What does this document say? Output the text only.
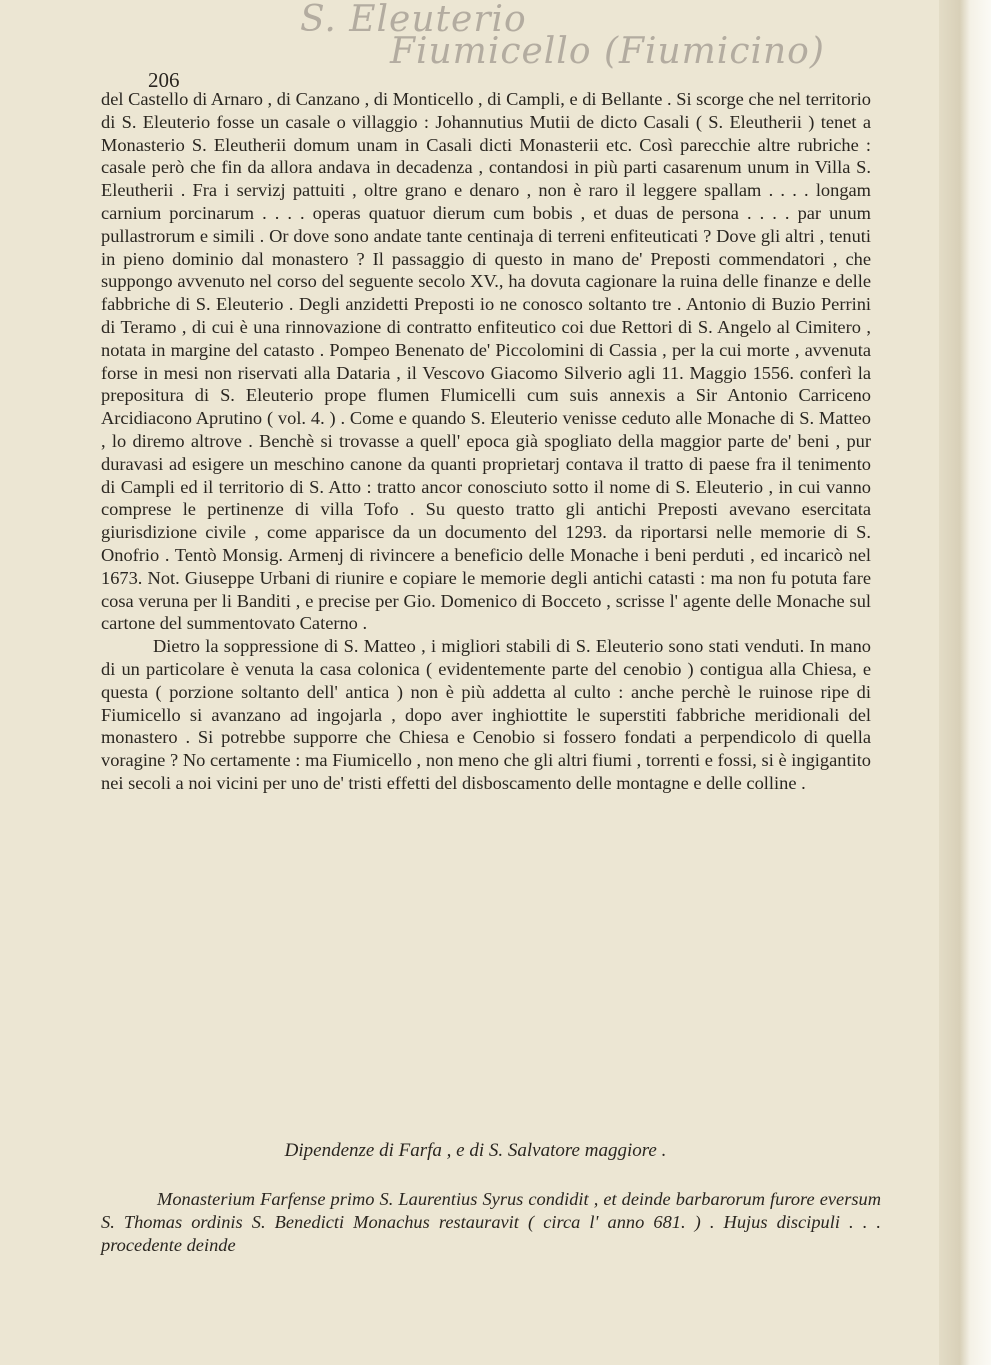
S. Eleuterio
Fiumicello (Fiumicino)
206

del Castello di Arnaro , di Canzano , di Monticello , di Campli, e di Bellante . Si scorge che nel territorio di S. Eleuterio fosse un casale o villaggio : Johannutius Mutii de dicto Casali ( S. Eleutherii ) tenet a Monasterio S. Eleutherii domum unam in Casali dicti Monasterii etc. Così parecchie altre rubriche : casale però che fin da allora andava in decadenza , contandosi in più parti casarenum unum in Villa S. Eleutherii . Fra i servizj pattuiti , oltre grano e denaro , non è raro il leggere spallam . . . . longam carnium porcinarum . . . . operas quatuor dierum cum bobis , et duas de persona . . . . par unum pullastrorum e simili . Or dove sono andate tante centinaja di terreni enfiteuticati ? Dove gli altri , tenuti in pieno dominio dal monastero ? Il passaggio di questo in mano de' Preposti commendatori , che suppongo avvenuto nel corso del seguente secolo XV., ha dovuta cagionare la ruina delle finanze e delle fabbriche di S. Eleuterio . Degli anzidetti Preposti io ne conosco soltanto tre . Antonio di Buzio Perrini di Teramo , di cui è una rinnovazione di contratto enfiteutico coi due Rettori di S. Angelo al Cimitero , notata in margine del catasto . Pompeo Benenato de' Piccolomini di Cassia , per la cui morte , avvenuta forse in mesi non riservati alla Dataria , il Vescovo Giacomo Silverio agli 11. Maggio 1556. conferì la prepositura di S. Eleuterio prope flumen Flumicelli cum suis annexis a Sir Antonio Carriceno Arcidiacono Aprutino ( vol. 4. ) . Come e quando S. Eleuterio venisse ceduto alle Monache di S. Matteo , lo diremo altrove . Benchè si trovasse a quell' epoca già spogliato della maggior parte de' beni , pur duravasi ad esigere un meschino canone da quanti proprietarj contava il tratto di paese fra il tenimento di Campli ed il territorio di S. Atto : tratto ancor conosciuto sotto il nome di S. Eleuterio , in cui vanno comprese le pertinenze di villa Tofo . Su questo tratto gli antichi Preposti avevano esercitata giurisdizione civile , come apparisce da un documento del 1293. da riportarsi nelle memorie di S. Onofrio . Tentò Monsig. Armenj di rivincere a beneficio delle Monache i beni perduti , ed incaricò nel 1673. Not. Giuseppe Urbani di riunire e copiare le memorie degli antichi catasti : ma non fu potuta fare cosa veruna per li Banditi , e precise per Gio. Domenico di Bocceto , scrisse l' agente delle Monache sul cartone del summentovato Caterno .

Dietro la soppressione di S. Matteo , i migliori stabili di S. Eleuterio sono stati venduti. In mano di un particolare è venuta la casa colonica ( evidentemente parte del cenobio ) contigua alla Chiesa, e questa ( porzione soltanto dell' antica ) non è più addetta al culto : anche perchè le ruinose ripe di Fiumicello si avanzano ad ingojarla , dopo aver inghiottite le superstiti fabbriche meridionali del monastero . Si potrebbe supporre che Chiesa e Cenobio si fossero fondati a perpendicolo di quella voragine ? No certamente : ma Fiumicello , non meno che gli altri fiumi , torrenti e fossi, si è ingigantito nei secoli a noi vicini per uno de' tristi effetti del disboscamento delle montagne e delle colline .

Dipendenze di Farfa , e di S. Salvatore maggiore .

Monasterium Farfense primo S. Laurentius Syrus condidit , et deinde barbarorum furore eversum S. Thomas ordinis S. Benedicti Monachus restauravit ( circa l' anno 681. ) . Hujus discipuli . . . procedente deinde
